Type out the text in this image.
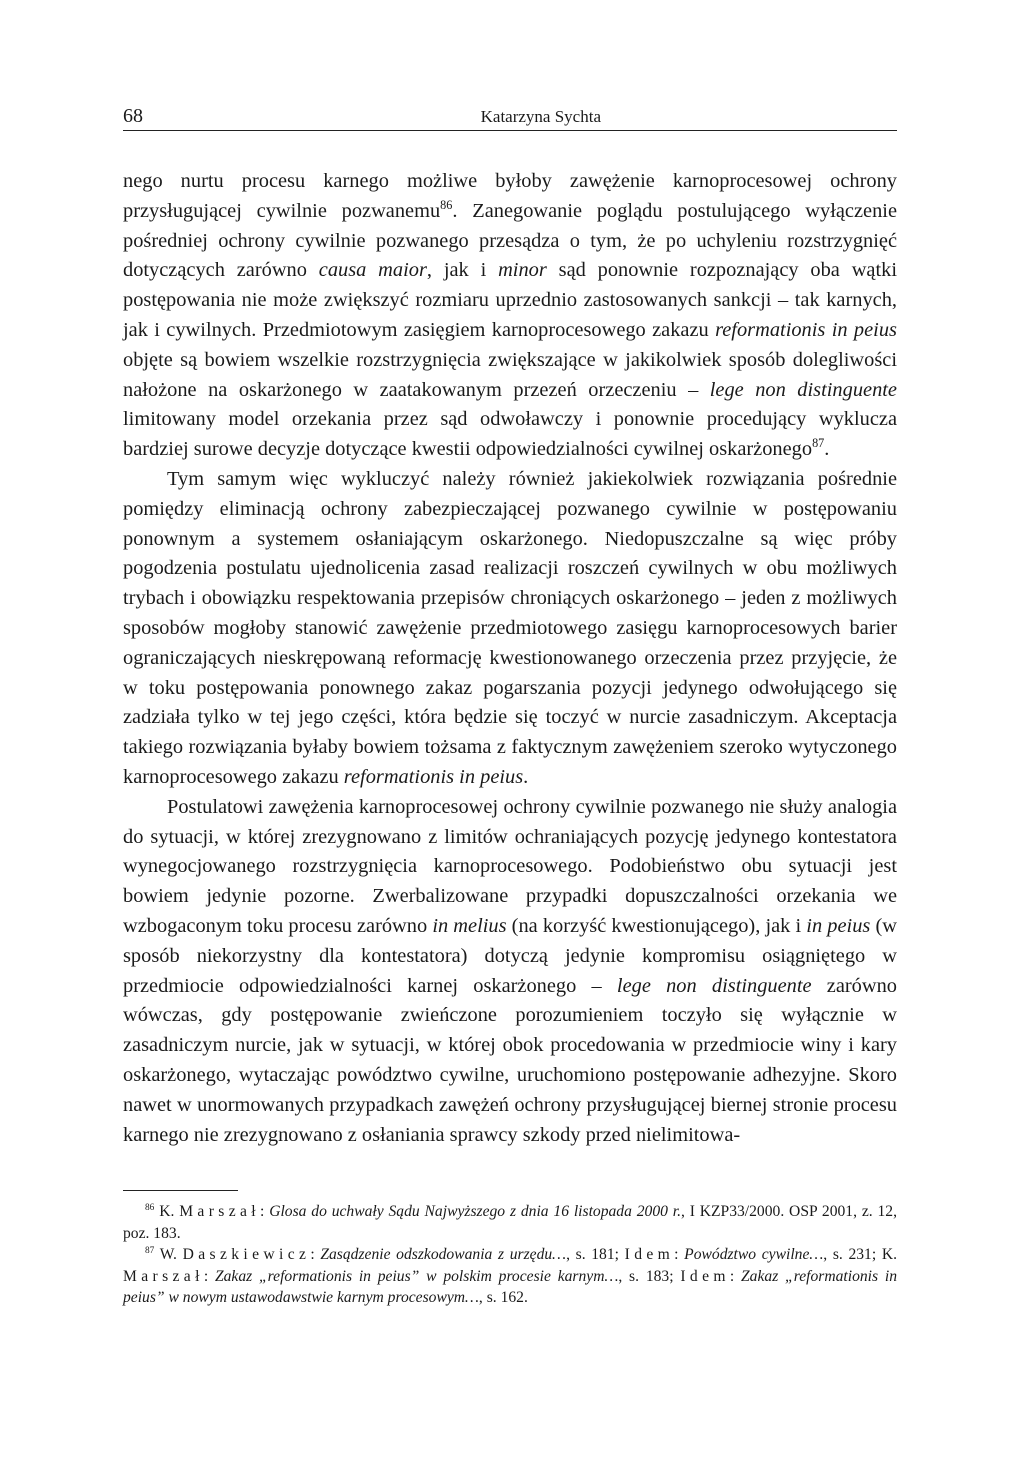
68	Katarzyna Sychta

nego nurtu procesu karnego możliwe byłoby zawężenie karnoprocesowej ochrony przysługującej cywilnie pozwanemu$^{86}$. Zanegowanie poglądu postulującego wyłączenie pośredniej ochrony cywilnie pozwanego przesądza o tym, że po uchyleniu rozstrzygnięć dotyczących zarówno causa maior, jak i minor sąd ponownie rozpoznający oba wątki postępowania nie może zwiększyć rozmiaru uprzednio zastosowanych sankcji – tak karnych, jak i cywilnych. Przedmiotowym zasięgiem karnoprocesowego zakazu reformationis in peius objęte są bowiem wszelkie rozstrzygnięcia zwiększające w jakikolwiek sposób dolegliwości nałożone na oskarżonego w zaatakowanym przezeń orzeczeniu – lege non distinguente limitowany model orzekania przez sąd odwoławczy i ponownie procedujący wyklucza bardziej surowe decyzje dotyczące kwestii odpowiedzialności cywilnej oskarżonego$^{87}$.

Tym samym więc wykluczyć należy również jakiekolwiek rozwiązania pośrednie pomiędzy eliminacją ochrony zabezpieczającej pozwanego cywilnie w postępowaniu ponownym a systemem osłaniającym oskarżonego. Niedopuszczalne są więc próby pogodzenia postulatu ujednolicenia zasad realizacji roszczeń cywilnych w obu możliwych trybach i obowiązku respektowania przepisów chroniących oskarżonego – jeden z możliwych sposobów mogłoby stanowić zawężenie przedmiotowego zasięgu karnoprocesowych barier ograniczających nieskrępowaną reformację kwestionowanego orzeczenia przez przyjęcie, że w toku postępowania ponownego zakaz pogarszania pozycji jedynego odwołującego się zadziała tylko w tej jego części, która będzie się toczyć w nurcie zasadniczym. Akceptacja takiego rozwiązania byłaby bowiem tożsama z faktycznym zawężeniem szeroko wytyczonego karnoprocesowego zakazu reformationis in peius.

Postulatowi zawężenia karnoprocesowej ochrony cywilnie pozwanego nie służy analogia do sytuacji, w której zrezygnowano z limitów ochraniających pozycję jedynego kontestatora wynegocjowanego rozstrzygnięcia karnoprocesowego. Podobieństwo obu sytuacji jest bowiem jedynie pozorne. Zwerbalizowane przypadki dopuszczalności orzekania we wzbogaconym toku procesu zarówno in melius (na korzyść kwestionującego), jak i in peius (w sposób niekorzystny dla kontestatora) dotyczą jedynie kompromisu osiągniętego w przedmiocie odpowiedzialności karnej oskarżonego – lege non distinguente zarówno wówczas, gdy postępowanie zwieńczone porozumieniem toczyło się wyłącznie w zasadniczym nurcie, jak w sytuacji, w której obok procedowania w przedmiocie winy i kary oskarżonego, wytaczając powództwo cywilne, uruchomiono postępowanie adhezyjne. Skoro nawet w unormowanych przypadkach zawężeń ochrony przysługującej biernej stronie procesu karnego nie zrezygnowano z osłaniania sprawcy szkody przed nielimitowa-

$^{86}$ K. Marszał: Glosa do uchwały Sądu Najwyższego z dnia 16 listopada 2000 r., I KZP33/2000. OSP 2001, z. 12, poz. 183.

$^{87}$ W. Daszkiewicz: Zasądzenie odszkodowania z urzędu…, s. 181; Idem: Powództwo cywilne…, s. 231; K. Marszał: Zakaz „reformationis in peius” w polskim procesie karnym…, s. 183; Idem: Zakaz „reformationis in peius” w nowym ustawodawstwie karnym procesowym…, s. 162.
